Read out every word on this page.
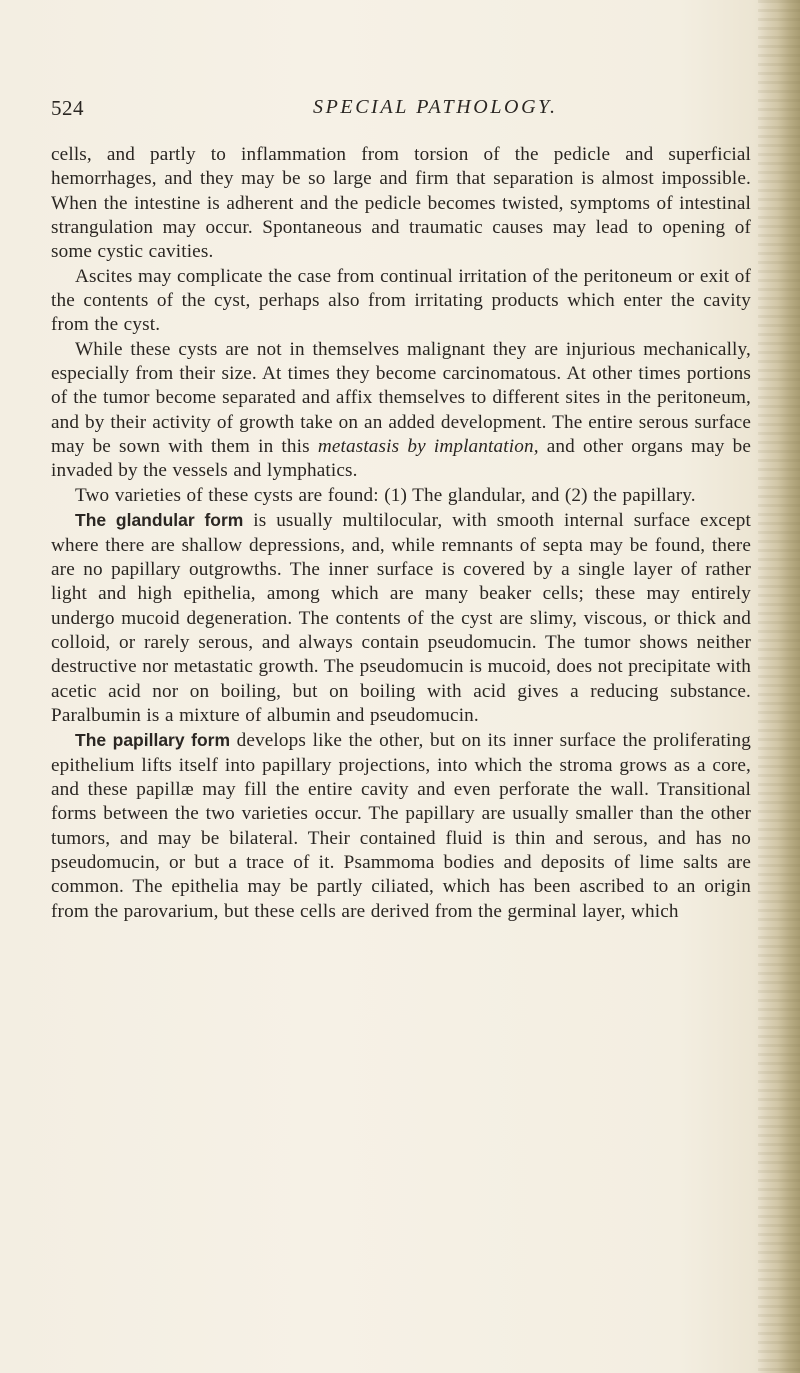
524	SPECIAL PATHOLOGY.

cells, and partly to inflammation from torsion of the pedicle and superficial hemorrhages, and they may be so large and firm that separation is almost impossible. When the intestine is adherent and the pedicle becomes twisted, symptoms of intestinal strangulation may occur. Spontaneous and traumatic causes may lead to opening of some cystic cavities.

Ascites may complicate the case from continual irritation of the peritoneum or exit of the contents of the cyst, perhaps also from irritating products which enter the cavity from the cyst.

While these cysts are not in themselves malignant they are injurious mechanically, especially from their size. At times they become carcinomatous. At other times portions of the tumor become separated and affix themselves to different sites in the peritoneum, and by their activity of growth take on an added development. The entire serous surface may be sown with them in this metastasis by implantation, and other organs may be invaded by the vessels and lymphatics.

Two varieties of these cysts are found: (1) The glandular, and (2) the papillary.

The glandular form is usually multilocular, with smooth internal surface except where there are shallow depressions, and, while remnants of septa may be found, there are no papillary outgrowths. The inner surface is covered by a single layer of rather light and high epithelia, among which are many beaker cells; these may entirely undergo mucoid degeneration. The contents of the cyst are slimy, viscous, or thick and colloid, or rarely serous, and always contain pseudomucin. The tumor shows neither destructive nor metastatic growth. The pseudomucin is mucoid, does not precipitate with acetic acid nor on boiling, but on boiling with acid gives a reducing substance. Paralbumin is a mixture of albumin and pseudomucin.

The papillary form develops like the other, but on its inner surface the proliferating epithelium lifts itself into papillary projections, into which the stroma grows as a core, and these papillæ may fill the entire cavity and even perforate the wall. Transitional forms between the two varieties occur. The papillary are usually smaller than the other tumors, and may be bilateral. Their contained fluid is thin and serous, and has no pseudomucin, or but a trace of it. Psammoma bodies and deposits of lime salts are common. The epithelia may be partly ciliated, which has been ascribed to an origin from the parovarium, but these cells are derived from the germinal layer, which
